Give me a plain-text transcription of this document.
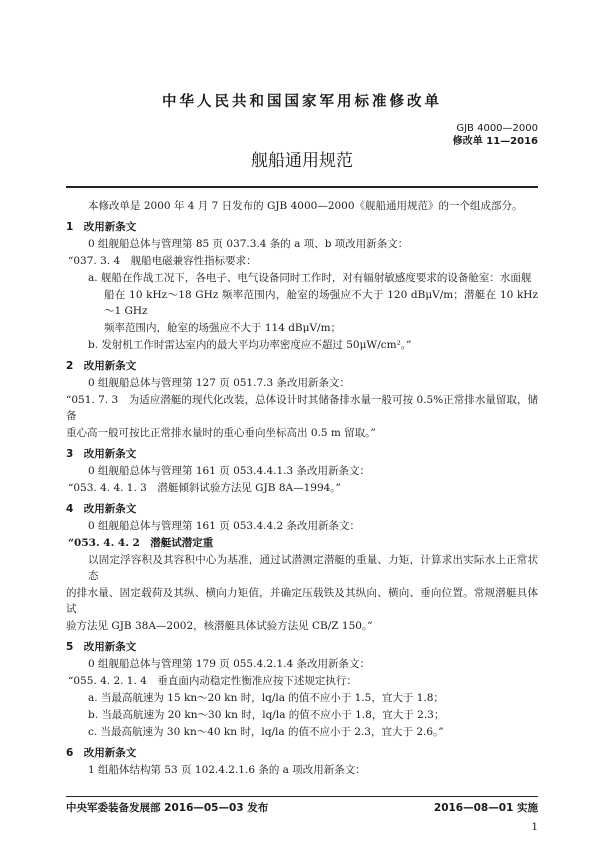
中华人民共和国国家军用标准修改单
GJB 4000—2000
修改单 11—2016
舰船通用规范
本修改单是 2000 年 4 月 7 日发布的 GJB 4000—2000《舰船通用规范》的一个组成部分。
1　改用新条文
0 组舰船总体与管理第 85 页 037.3.4 条的 a 项、b 项改用新条文：
“037. 3. 4　舰船电磁兼容性指标要求：
a. 舰船在作战工况下，各电子、电气设备同时工作时，对有辐射敏感度要求的设备舱室：水面舰
船在 10 kHz～18 GHz 频率范围内，舱室的场强应不大于 120 dBμV/m；潜艇在 10 kHz～1 GHz
频率范围内，舱室的场强应不大于 114 dBμV/m；
b. 发射机工作时雷达室内的最大平均功率密度应不超过 50μW/cm²。”
2　改用新条文
0 组舰船总体与管理第 127 页 051.7.3 条改用新条文：
“051. 7. 3　为适应潜艇的现代化改装，总体设计时其储备排水量一般可按 0.5%正常排水量留取，储备
重心高一般可按比正常排水量时的重心垂向坐标高出 0.5 m 留取。”
3　改用新条文
0 组舰船总体与管理第 161 页 053.4.4.1.3 条改用新条文：
“053. 4. 4. 1. 3　潜艇倾斜试验方法见 GJB 8A—1994。”
4　改用新条文
0 组舰船总体与管理第 161 页 053.4.4.2 条改用新条文：
“053. 4. 4. 2　潜艇试潜定重
以固定浮容积及其容积中心为基准，通过试潜测定潜艇的重量、力矩，计算求出实际水上正常状态
的排水量、固定载荷及其纵、横向力矩值，并确定压载铁及其纵向、横向、垂向位置。常规潜艇具体试
验方法见 GJB 38A—2002，核潜艇具体试验方法见 CB/Z 150。”
5　改用新条文
0 组舰船总体与管理第 179 页 055.4.2.1.4 条改用新条文：
“055. 4. 2. 1. 4　垂直面内动稳定性衡准应按下述规定执行：
a. 当最高航速为 15 kn～20 kn 时，lq/la 的值不应小于 1.5，宜大于 1.8；
b. 当最高航速为 20 kn～30 kn 时，lq/la 的值不应小于 1.8，宜大于 2.3；
c. 当最高航速为 30 kn～40 kn 时，lq/la 的值不应小于 2.3，宜大于 2.6。”
6　改用新条文
1 组船体结构第 53 页 102.4.2.1.6 条的 a 项改用新条文：
中央军委装备发展部 2016—05—03 发布	2016—08—01 实施
1
